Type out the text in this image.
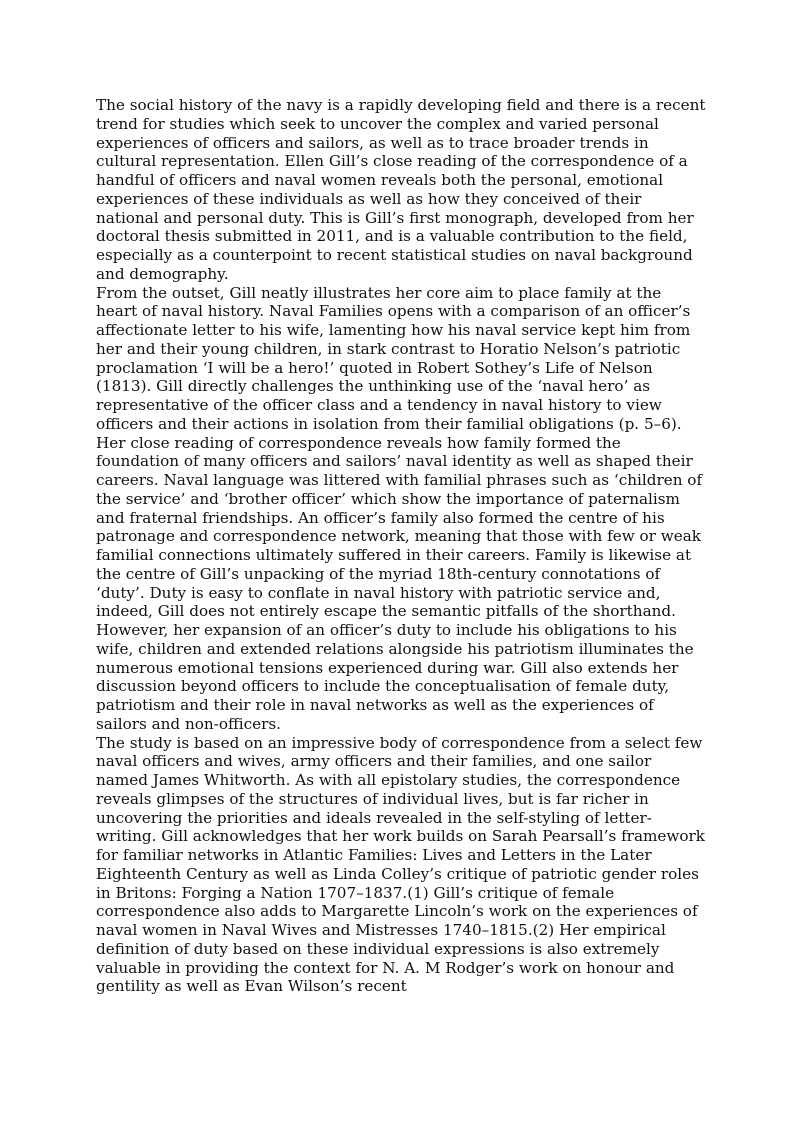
The social history of the navy is a rapidly developing field and there is a recent trend for studies which seek to uncover the complex and varied personal experiences of officers and sailors, as well as to trace broader trends in cultural representation. Ellen Gill’s close reading of the correspondence of a handful of officers and naval women reveals both the personal, emotional experiences of these individuals as well as how they conceived of their national and personal duty. This is Gill’s first monograph, developed from her doctoral thesis submitted in 2011, and is a valuable contribution to the field, especially as a counterpoint to recent statistical studies on naval background and demography.

From the outset, Gill neatly illustrates her core aim to place family at the heart of naval history. Naval Families opens with a comparison of an officer’s affectionate letter to his wife, lamenting how his naval service kept him from her and their young children, in stark contrast to Horatio Nelson’s patriotic proclamation ‘I will be a hero!’ quoted in Robert Sothey’s Life of Nelson (1813). Gill directly challenges the unthinking use of the ‘naval hero’ as representative of the officer class and a tendency in naval history to view officers and their actions in isolation from their familial obligations (p. 5–6). Her close reading of correspondence reveals how family formed the foundation of many officers and sailors’ naval identity as well as shaped their careers. Naval language was littered with familial phrases such as ‘children of the service’ and ‘brother officer’ which show the importance of paternalism and fraternal friendships. An officer’s family also formed the centre of his patronage and correspondence network, meaning that those with few or weak familial connections ultimately suffered in their careers. Family is likewise at the centre of Gill’s unpacking of the myriad 18th-century connotations of ‘duty’. Duty is easy to conflate in naval history with patriotic service and, indeed, Gill does not entirely escape the semantic pitfalls of the shorthand. However, her expansion of an officer’s duty to include his obligations to his wife, children and extended relations alongside his patriotism illuminates the numerous emotional tensions experienced during war. Gill also extends her discussion beyond officers to include the conceptualisation of female duty, patriotism and their role in naval networks as well as the experiences of sailors and non-officers.

The study is based on an impressive body of correspondence from a select few naval officers and wives, army officers and their families, and one sailor named James Whitworth. As with all epistolary studies, the correspondence reveals glimpses of the structures of individual lives, but is far richer in uncovering the priorities and ideals revealed in the self-styling of letter-writing. Gill acknowledges that her work builds on Sarah Pearsall’s framework for familiar networks in Atlantic Families: Lives and Letters in the Later Eighteenth Century as well as Linda Colley’s critique of patriotic gender roles in Britons: Forging a Nation 1707–1837.(1) Gill’s critique of female correspondence also adds to Margarette Lincoln’s work on the experiences of naval women in Naval Wives and Mistresses 1740–1815.(2) Her empirical definition of duty based on these individual expressions is also extremely valuable in providing the context for N. A. M Rodger’s work on honour and gentility as well as Evan Wilson’s recent
